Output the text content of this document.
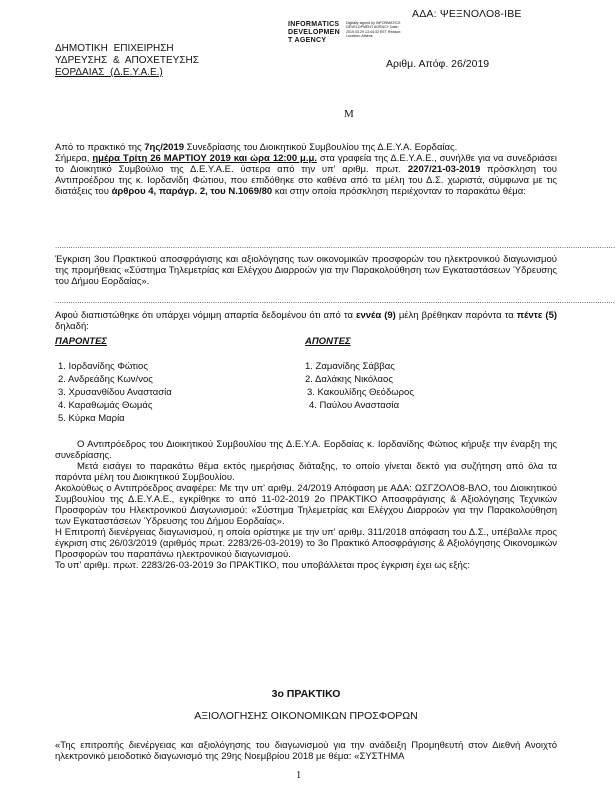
ΑΔΑ: ΨΕΞΝΟΛΟ8-ΙΒΕ
INFORMATICS
DEVELOPMEN
T AGENCY
Digitally signed by INFORMATICS DEVELOPMENT AGENCY Date: 2019.03.29 13:44:32 EET Reason: Location: Athens
ΔΗΜΟΤΙΚΗ ΕΠΙΧΕΙΡΗΣΗ
ΥΔΡΕΥΣΗΣ & ΑΠΟΧΕΤΕΥΣΗΣ
ΕΟΡΔΑΙΑΣ (Δ.Ε.Υ.Α.Ε.)
Αριθμ. Απόφ. 26/2019
Μ

Από το πρακτικό της 7ης/2019 Συνεδρίασης του Διοικητικού Συμβουλίου της Δ.Ε.Υ.Α. Εορδαίας.

Σήμερα, ημέρα Τρίτη 26 ΜΑΡΤΙΟΥ 2019 και ώρα 12:00 μ.μ. στα γραφεία της Δ.Ε.Υ.Α.Ε., συνήλθε για να συνεδριάσει το Διοικητικό Συμβούλιο της Δ.Ε.Υ.Α.Ε. ύστερα από την υπ' αριθμ. πρωτ. 2207/21-03-2019 πρόσκληση του Αντιπροέδρου της κ. Ιορδανίδη Φώτιου, που επιδόθηκε στο καθένα από τα μέλη του Δ.Σ. χωριστά, σύμφωνα με τις διατάξεις του άρθρου 4, παράγρ. 2, του Ν.1069/80 και στην οποία πρόσκληση περιέχονταν το παρακάτω θέμα:

............................................................................................................................................................................................................................................................
Έγκριση 3ου Πρακτικού αποσφράγισης και αξιολόγησης των οικονομικών προσφορών του ηλεκτρονικού διαγωνισμού της προμήθειας «Σύστημα Τηλεμετρίας και Ελέγχου Διαρροών για την Παρακολούθηση των Εγκαταστάσεων Ύδρευσης του Δήμου Εορδαίας».
............................................................................................................................................................................................................................................................

Αφού διαπιστώθηκε ότι υπάρχει νόμιμη απαρτία δεδομένου ότι από τα εννέα (9) μέλη βρέθηκαν παρόντα τα πέντε (5) δηλαδή:

ΠΑΡΟΝΤΕΣ	ΑΠΟΝΤΕΣ
1. Ιορδανίδης Φώτιος
2. Ανδρεάδης Κων/νος
3. Χρυσανθίδου Αναστασία
4. Καραθωμάς Θωμάς
5. Κύρκα Μαρία
1. Ζαμανίδης Σάββας
2. Δαλάκης Νικόλαος
3. Κακουλίδης Θεόδωρος
4. Παύλου Αναστασία

Ο Αντιπρόεδρος του Διοικητικού Συμβουλίου της Δ.Ε.Υ.Α. Εορδαίας κ. Ιορδανίδης Φώτιος κήρυξε την έναρξη της συνεδρίασης.

Μετά εισάγει το παρακάτω θέμα εκτός ημερήσιας διάταξης, το οποίο γίνεται δεκτό για συζήτηση από όλα τα παρόντα μέλη του Διοικητικού Συμβουλίου.

Ακολούθως ο Αντιπρόεδρος αναφέρει: Με την υπ' αριθμ. 24/2019 Απόφαση με ΑΔΑ: ΩΣΓΖΟΛΟ8-ΒΛΟ, του Διοικητικού Συμβουλίου της Δ.Ε.Υ.Α.Ε., εγκρίθηκε το από 11-02-2019 2ο ΠΡΑΚΤΙΚΟ Αποσφράγισης & Αξιολόγησης Τεχνικών Προσφορών του Ηλεκτρονικού Διαγωνισμού: «Σύστημα Τηλεμετρίας και Ελέγχου Διαρροών για την Παρακολούθηση των Εγκαταστάσεων Ύδρευσης του Δήμου Εορδαίας».

Η Επιτροπή διενέργειας διαγωνισμού, η οποία ορίστηκε με την υπ' αριθμ. 311/2018 απόφαση του Δ.Σ., υπέβαλλε προς έγκριση στις 26/03/2019 (αριθμός πρωτ. 2283/26-03-2019) το 3ο Πρακτικό Αποσφράγισης & Αξιολόγησης Οικονομικών Προσφορών του παραπάνω ηλεκτρονικού διαγωνισμού.

Το υπ' αριθμ. πρωτ. 2283/26-03-2019 3ο ΠΡΑΚΤΙΚΟ, που υποβάλλεται προς έγκριση έχει ως εξής:

3ο ΠΡΑΚΤΙΚΟ
ΑΞΙΟΛΟΓΗΣΗΣ ΟΙΚΟΝΟΜΙΚΩΝ ΠΡΟΣΦΟΡΩΝ
«Της επιτροπής διενέργειας και αξιολόγησης του διαγωνισμού για την ανάδειξη Προμηθευτή στον Διεθνή Ανοιχτό ηλεκτρονικό μειοδοτικό διαγωνισμό της 29ης Νοεμβρίου 2018 με θέμα: «ΣΥΣΤΗΜΑ
1
